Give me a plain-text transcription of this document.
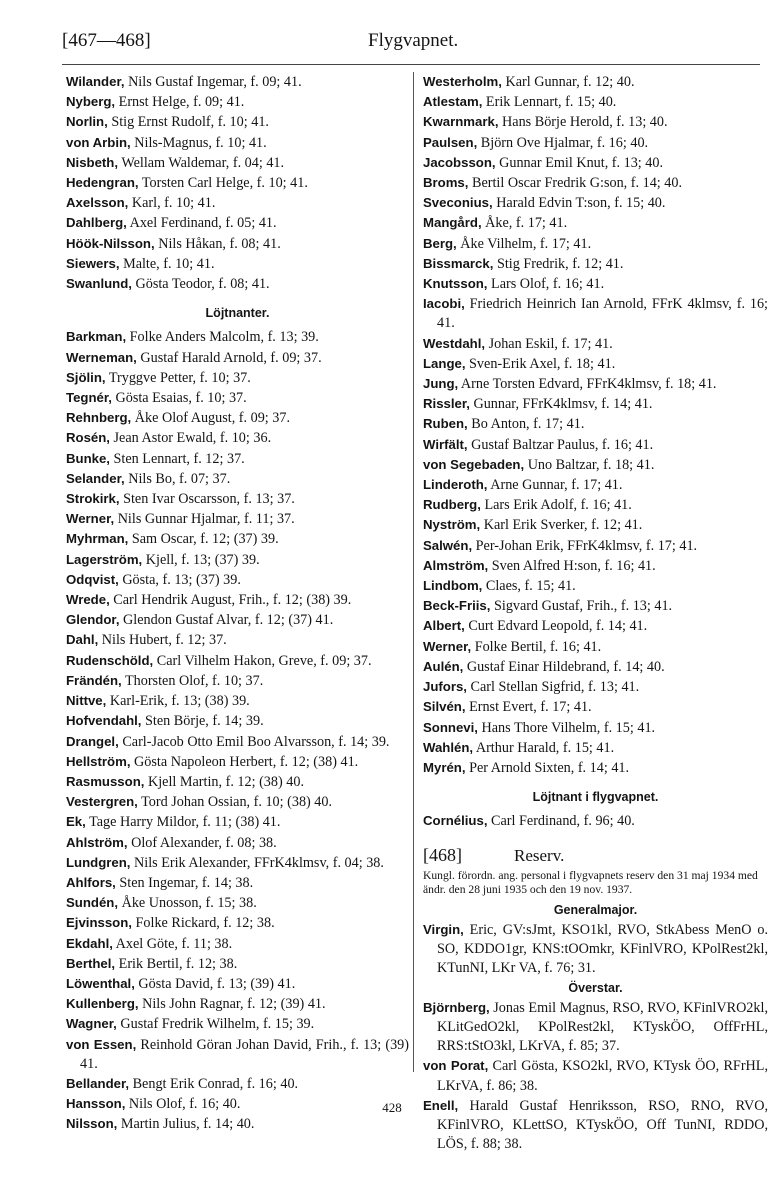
[467—468]	Flygvapnet.
Wilander, Nils Gustaf Ingemar, f. 09; 41.
Nyberg, Ernst Helge, f. 09; 41.
Norlin, Stig Ernst Rudolf, f. 10; 41.
von Arbin, Nils-Magnus, f. 10; 41.
Nisbeth, Wellam Waldemar, f. 04; 41.
Hedengran, Torsten Carl Helge, f. 10; 41.
Axelsson, Karl, f. 10; 41.
Dahlberg, Axel Ferdinand, f. 05; 41.
Höök-Nilsson, Nils Håkan, f. 08; 41.
Siewers, Malte, f. 10; 41.
Swanlund, Gösta Teodor, f. 08; 41.
Löjtnanter.
Barkman, Folke Anders Malcolm, f. 13; 39.
Werneman, Gustaf Harald Arnold, f. 09; 37.
Sjölin, Tryggve Petter, f. 10; 37.
Tegnér, Gösta Esaias, f. 10; 37.
Rehnberg, Åke Olof August, f. 09; 37.
Rosén, Jean Astor Ewald, f. 10; 36.
Bunke, Sten Lennart, f. 12; 37.
Selander, Nils Bo, f. 07; 37.
Strokirk, Sten Ivar Oscarsson, f. 13; 37.
Werner, Nils Gunnar Hjalmar, f. 11; 37.
Myhrman, Sam Oscar, f. 12; (37) 39.
Lagerström, Kjell, f. 13; (37) 39.
Odqvist, Gösta, f. 13; (37) 39.
Wrede, Carl Hendrik August, Frih., f. 12; (38) 39.
Glendor, Glendon Gustaf Alvar, f. 12; (37) 41.
Dahl, Nils Hubert, f. 12; 37.
Rudenschöld, Carl Vilhelm Hakon, Greve, f. 09; 37.
Frändén, Thorsten Olof, f. 10; 37.
Nittve, Karl-Erik, f. 13; (38) 39.
Hofvendahl, Sten Börje, f. 14; 39.
Drangel, Carl-Jacob Otto Emil Boo Alvarsson, f. 14; 39.
Hellström, Gösta Napoleon Herbert, f. 12; (38) 41.
Rasmusson, Kjell Martin, f. 12; (38) 40.
Vestergren, Tord Johan Ossian, f. 10; (38) 40.
Ek, Tage Harry Mildor, f. 11; (38) 41.
Ahlström, Olof Alexander, f. 08; 38.
Lundgren, Nils Erik Alexander, FFrK4klmsv, f. 04; 38.
Ahlfors, Sten Ingemar, f. 14; 38.
Sundén, Åke Unosson, f. 15; 38.
Ejvinsson, Folke Rickard, f. 12; 38.
Ekdahl, Axel Göte, f. 11; 38.
Berthel, Erik Bertil, f. 12; 38.
Löwenthal, Gösta David, f. 13; (39) 41.
Kullenberg, Nils John Ragnar, f. 12; (39) 41.
Wagner, Gustaf Fredrik Wilhelm, f. 15; 39.
von Essen, Reinhold Göran Johan David, Frih., f. 13; (39) 41.
Bellander, Bengt Erik Conrad, f. 16; 40.
Hansson, Nils Olof, f. 16; 40.
Nilsson, Martin Julius, f. 14; 40.
Westerholm, Karl Gunnar, f. 12; 40.
Atlestam, Erik Lennart, f. 15; 40.
Kwarnmark, Hans Börje Herold, f. 13; 40.
Paulsen, Björn Ove Hjalmar, f. 16; 40.
Jacobsson, Gunnar Emil Knut, f. 13; 40.
Broms, Bertil Oscar Fredrik G:son, f. 14; 40.
Sveconius, Harald Edvin T:son, f. 15; 40.
Mangård, Åke, f. 17; 41.
Berg, Åke Vilhelm, f. 17; 41.
Bissmarck, Stig Fredrik, f. 12; 41.
Knutsson, Lars Olof, f. 16; 41.
Iacobi, Friedrich Heinrich Ian Arnold, FFrK 4klmsv, f. 16; 41.
Westdahl, Johan Eskil, f. 17; 41.
Lange, Sven-Erik Axel, f. 18; 41.
Jung, Arne Torsten Edvard, FFrK4klmsv, f. 18; 41.
Rissler, Gunnar, FFrK4klmsv, f. 14; 41.
Ruben, Bo Anton, f. 17; 41.
Wirfält, Gustaf Baltzar Paulus, f. 16; 41.
von Segebaden, Uno Baltzar, f. 18; 41.
Linderoth, Arne Gunnar, f. 17; 41.
Rudberg, Lars Erik Adolf, f. 16; 41.
Nyström, Karl Erik Sverker, f. 12; 41.
Salwén, Per-Johan Erik, FFrK4klmsv, f. 17; 41.
Almström, Sven Alfred H:son, f. 16; 41.
Lindbom, Claes, f. 15; 41.
Beck-Friis, Sigvard Gustaf, Frih., f. 13; 41.
Albert, Curt Edvard Leopold, f. 14; 41.
Werner, Folke Bertil, f. 16; 41.
Aulén, Gustaf Einar Hildebrand, f. 14; 40.
Jufors, Carl Stellan Sigfrid, f. 13; 41.
Silvén, Ernst Evert, f. 17; 41.
Sonnevi, Hans Thore Vilhelm, f. 15; 41.
Wahlén, Arthur Harald, f. 15; 41.
Myrén, Per Arnold Sixten, f. 14; 41.
Löjtnant i flygvapnet.
Cornélius, Carl Ferdinand, f. 96; 40.
[468]	Reserv.
Kungl. förordn. ang. personal i flygvapnets reserv den 31 maj 1934 med ändr. den 28 juni 1935 och den 19 nov. 1937.
Generalmajor.
Virgin, Eric, GV:sJmt, KSO1kl, RVO, StkAbess MenO o. SO, KDDO1gr, KNS:tOOmkr, KFinlVRO, KPolRest2kl, KTunNI, LKr VA, f. 76; 31.
Överstar.
Björnberg, Jonas Emil Magnus, RSO, RVO, KFinlVRO2kl, KLitGedO2kl, KPolRest2kl, KTyskÖO, OffFrHL, RRS:tStO3kl, LKrVA, f. 85; 37.
von Porat, Carl Gösta, KSO2kl, RVO, KTysk ÖO, RFrHL, LKrVA, f. 86; 38.
Enell, Harald Gustaf Henriksson, RSO, RNO, RVO, KFinlVRO, KLettSO, KTyskÖO, Off TunNI, RDDO, LÖS, f. 88; 38.
428
